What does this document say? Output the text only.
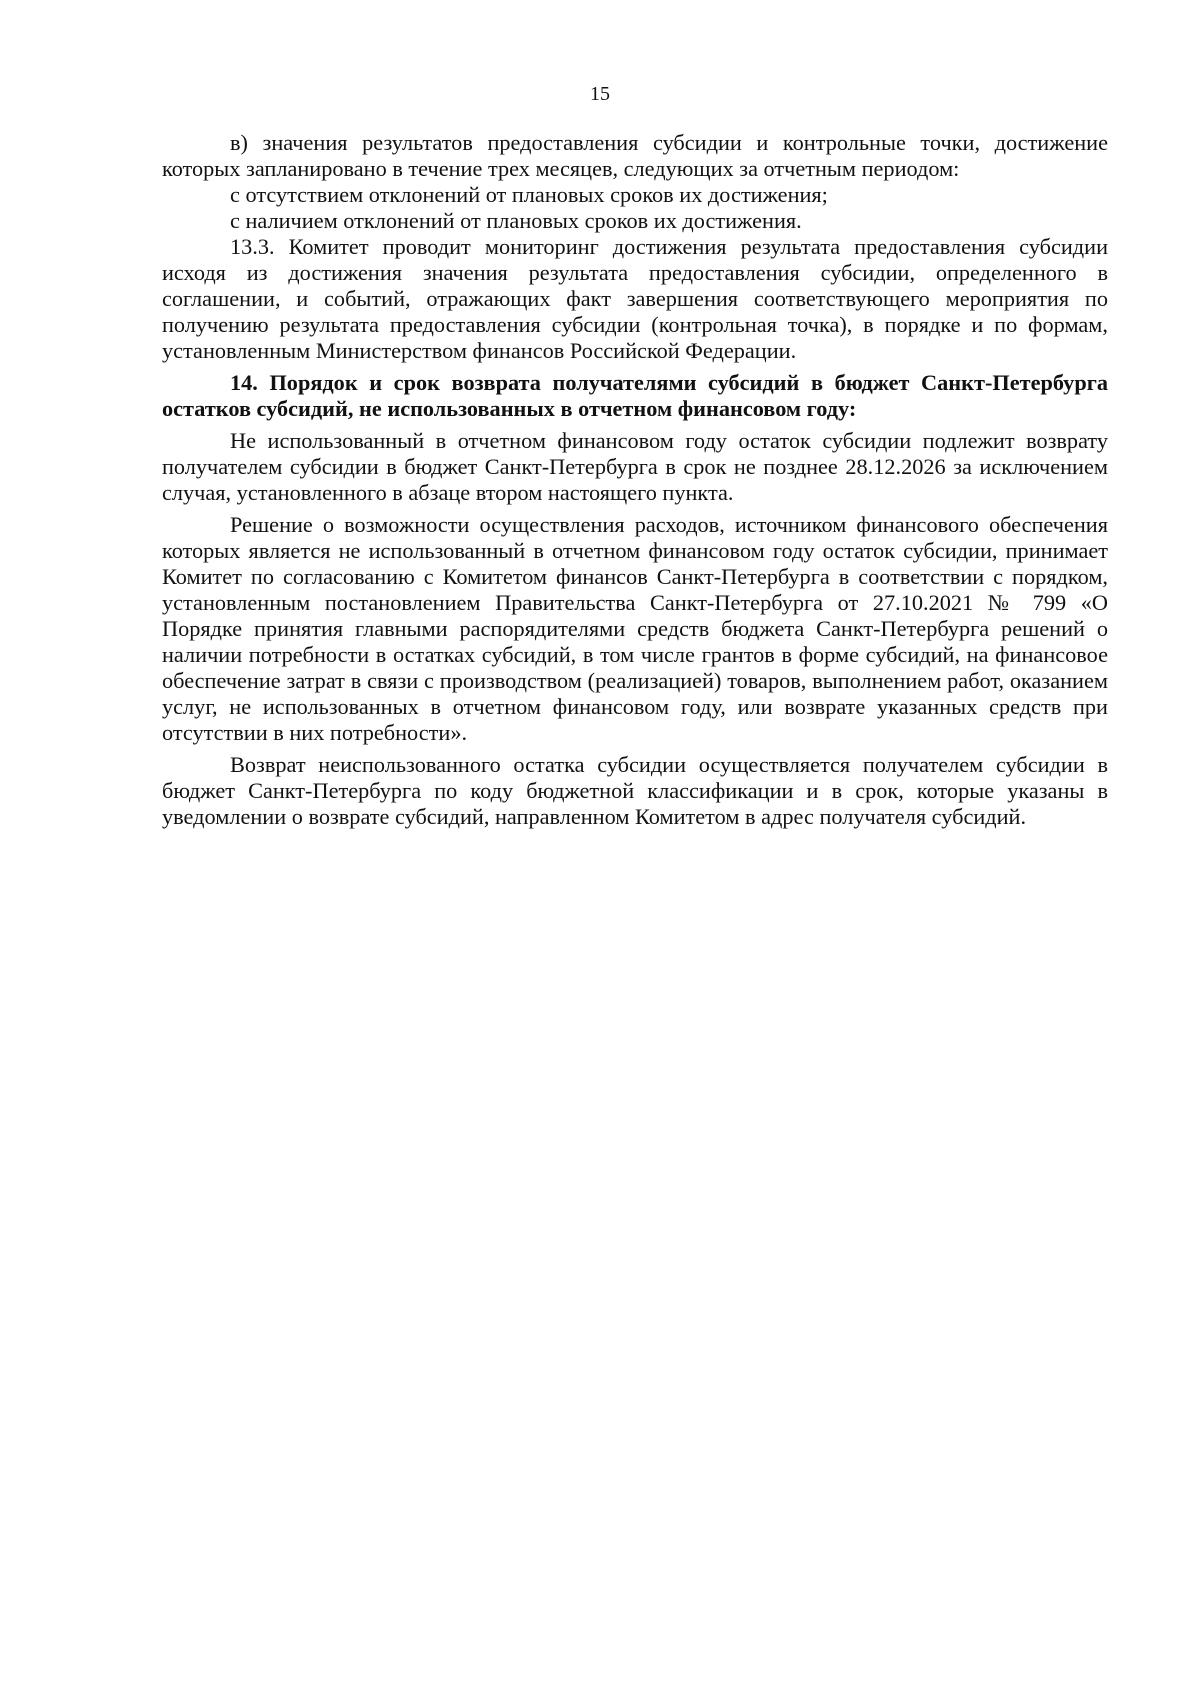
15

в) значения результатов предоставления субсидии и контрольные точки, достижение которых запланировано в течение трех месяцев, следующих за отчетным периодом:

с отсутствием отклонений от плановых сроков их достижения;

с наличием отклонений от плановых сроков их достижения.

13.3. Комитет проводит мониторинг достижения результата предоставления субсидии исходя из достижения значения результата предоставления субсидии, определенного в соглашении, и событий, отражающих факт завершения соответствующего мероприятия по получению результата предоставления субсидии (контрольная точка), в порядке и по формам, установленным Министерством финансов Российской Федерации.

14. Порядок и срок возврата получателями субсидий в бюджет Санкт-Петербурга остатков субсидий, не использованных в отчетном финансовом году:

Не использованный в отчетном финансовом году остаток субсидии подлежит возврату получателем субсидии в бюджет Санкт-Петербурга в срок не позднее 28.12.2026 за исключением случая, установленного в абзаце втором настоящего пункта.

Решение о возможности осуществления расходов, источником финансового обеспечения которых является не использованный в отчетном финансовом году остаток субсидии, принимает Комитет по согласованию с Комитетом финансов Санкт-Петербурга в соответствии с порядком, установленным постановлением Правительства Санкт-Петербурга от 27.10.2021 № 799 «О Порядке принятия главными распорядителями средств бюджета Санкт-Петербурга решений о наличии потребности в остатках субсидий, в том числе грантов в форме субсидий, на финансовое обеспечение затрат в связи с производством (реализацией) товаров, выполнением работ, оказанием услуг, не использованных в отчетном финансовом году, или возврате указанных средств при отсутствии в них потребности».

Возврат неиспользованного остатка субсидии осуществляется получателем субсидии в бюджет Санкт-Петербурга по коду бюджетной классификации и в срок, которые указаны в уведомлении о возврате субсидий, направленном Комитетом в адрес получателя субсидий.
